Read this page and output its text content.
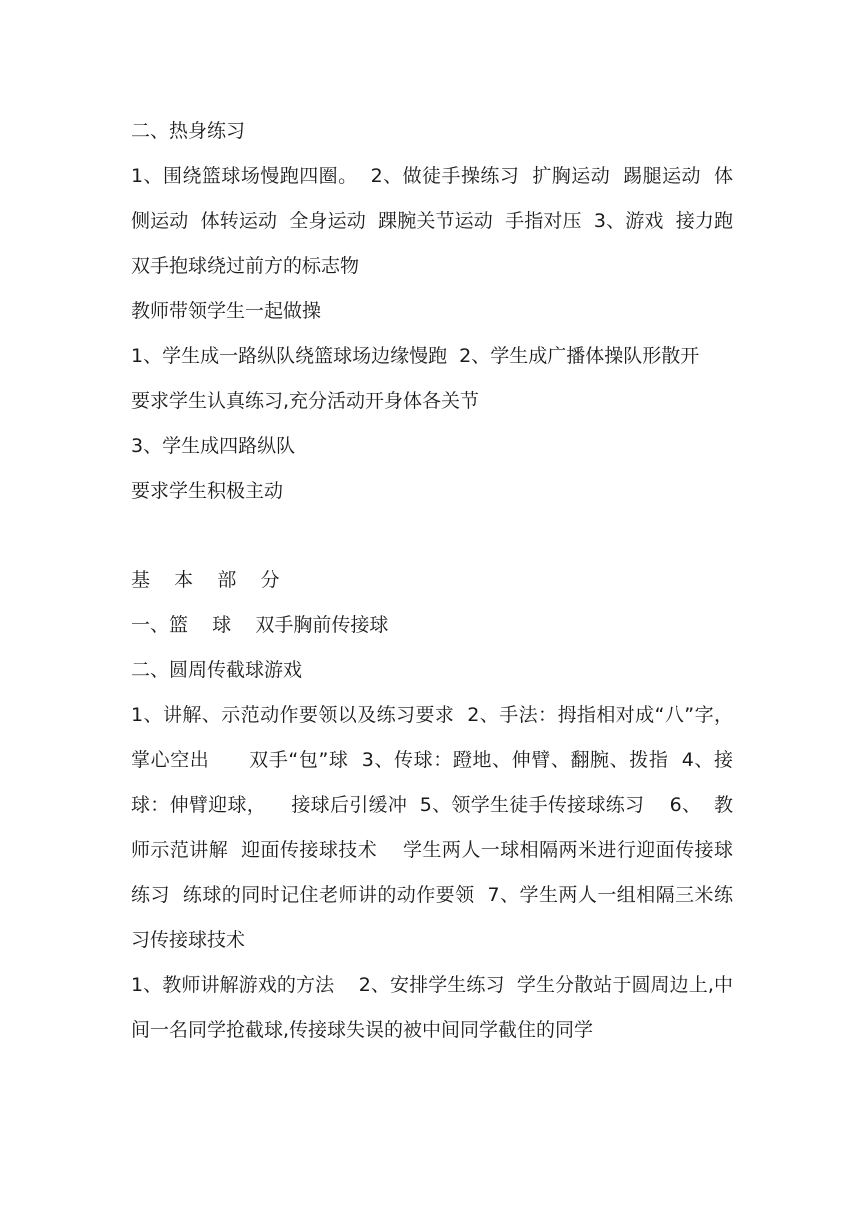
二、热身练习

1、围绕篮球场慢跑四圈。  2、做徒手操练习  扩胸运动  踢腿运动  体侧运动  体转运动  全身运动  踝腕关节运动  手指对压  3、游戏  接力跑双手抱球绕过前方的标志物

教师带领学生一起做操

1、学生成一路纵队绕篮球场边缘慢跑  2、学生成广播体操队形散开

要求学生认真练习,充分活动开身体各关节

3、学生成四路纵队

要求学生积极主动

基    本    部    分

一、篮    球    双手胸前传接球

二、圆周传截球游戏

1、讲解、示范动作要领以及练习要求  2、手法：拇指相对成“八”字，掌心空出      双手“包”球  3、传球：蹬地、伸臂、翻腕、拨指  4、接球：伸臂迎球，    接球后引缓冲  5、领学生徒手传接球练习    6、  教师示范讲解  迎面传接球技术    学生两人一球相隔两米进行迎面传接球练习  练球的同时记住老师讲的动作要领  7、学生两人一组相隔三米练习传接球技术

1、教师讲解游戏的方法    2、安排学生练习  学生分散站于圆周边上,中间一名同学抢截球,传接球失误的被中间同学截住的同学
